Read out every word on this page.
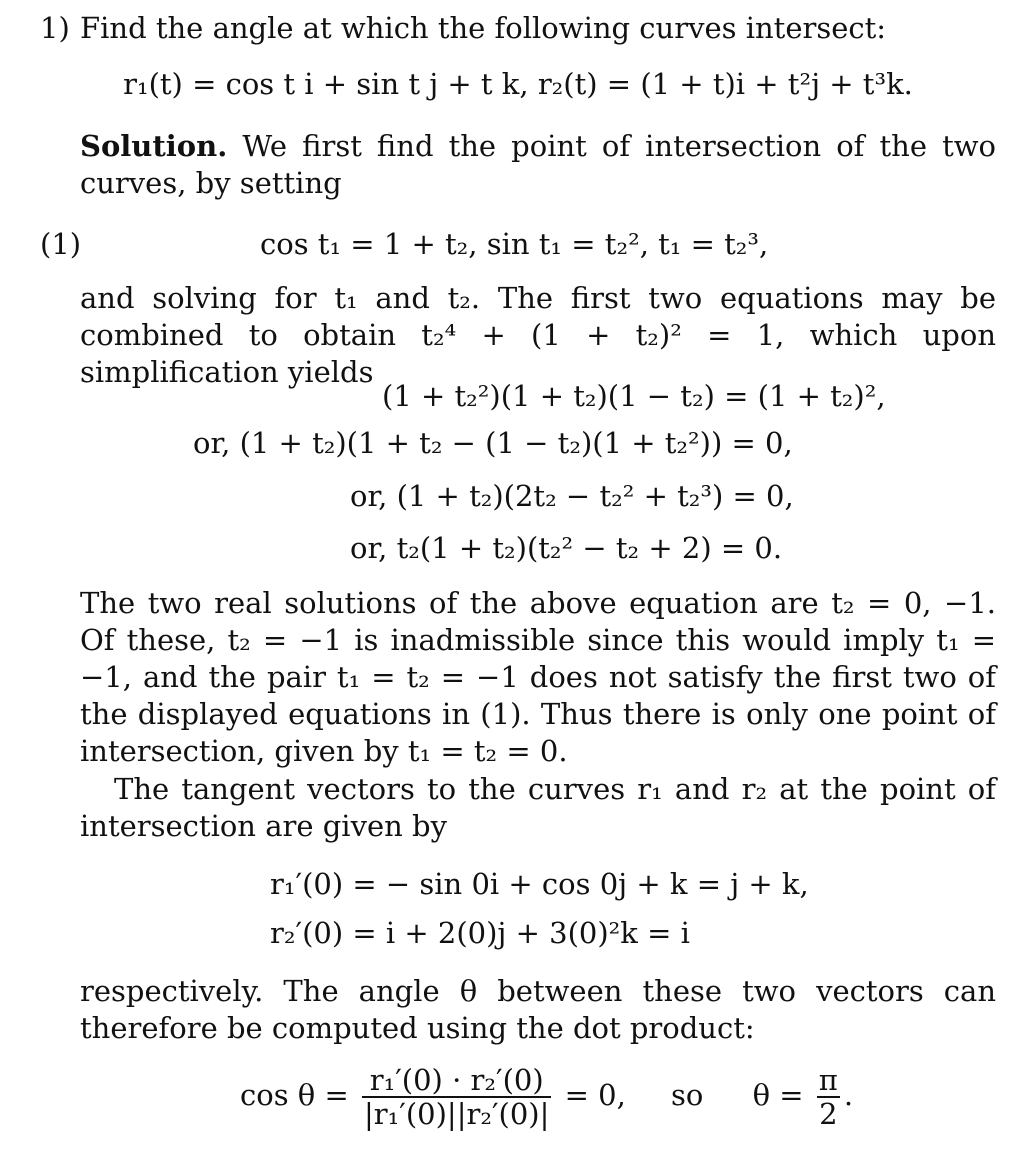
1) Find the angle at which the following curves intersect:
r₁(t) = cos t i + sin t j + t k, r₂(t) = (1 + t)i + t²j + t³k.
Solution. We first find the point of intersection of the two curves, by setting
(1)	cos t₁ = 1 + t₂, sin t₁ = t₂², t₁ = t₂³,
and solving for t₁ and t₂. The first two equations may be combined to obtain t₂⁴ + (1 + t₂)² = 1, which upon simplification yields
(1 + t₂²)(1 + t₂)(1 − t₂) = (1 + t₂)²,
or, (1 + t₂)(1 + t₂ − (1 − t₂)(1 + t₂²)) = 0,
or, (1 + t₂)(2t₂ − t₂² + t₂³) = 0,
or, t₂(1 + t₂)(t₂² − t₂ + 2) = 0.
The two real solutions of the above equation are t₂ = 0, −1. Of these, t₂ = −1 is inadmissible since this would imply t₁ = −1, and the pair t₁ = t₂ = −1 does not satisfy the first two of the displayed equations in (1). Thus there is only one point of intersection, given by t₁ = t₂ = 0.
The tangent vectors to the curves r₁ and r₂ at the point of intersection are given by
r₁′(0) = − sin 0i + cos 0j + k = j + k,
r₂′(0) = i + 2(0)j + 3(0)²k = i
respectively. The angle θ between these two vectors can therefore be computed using the dot product:
$\cos \theta = \frac{\text{r₁′(0) · r₂′(0)}}{\text{|r₁′(0)||r₂′(0)|}} = 0$, so $\theta = \frac{\pi}{2}$ .
